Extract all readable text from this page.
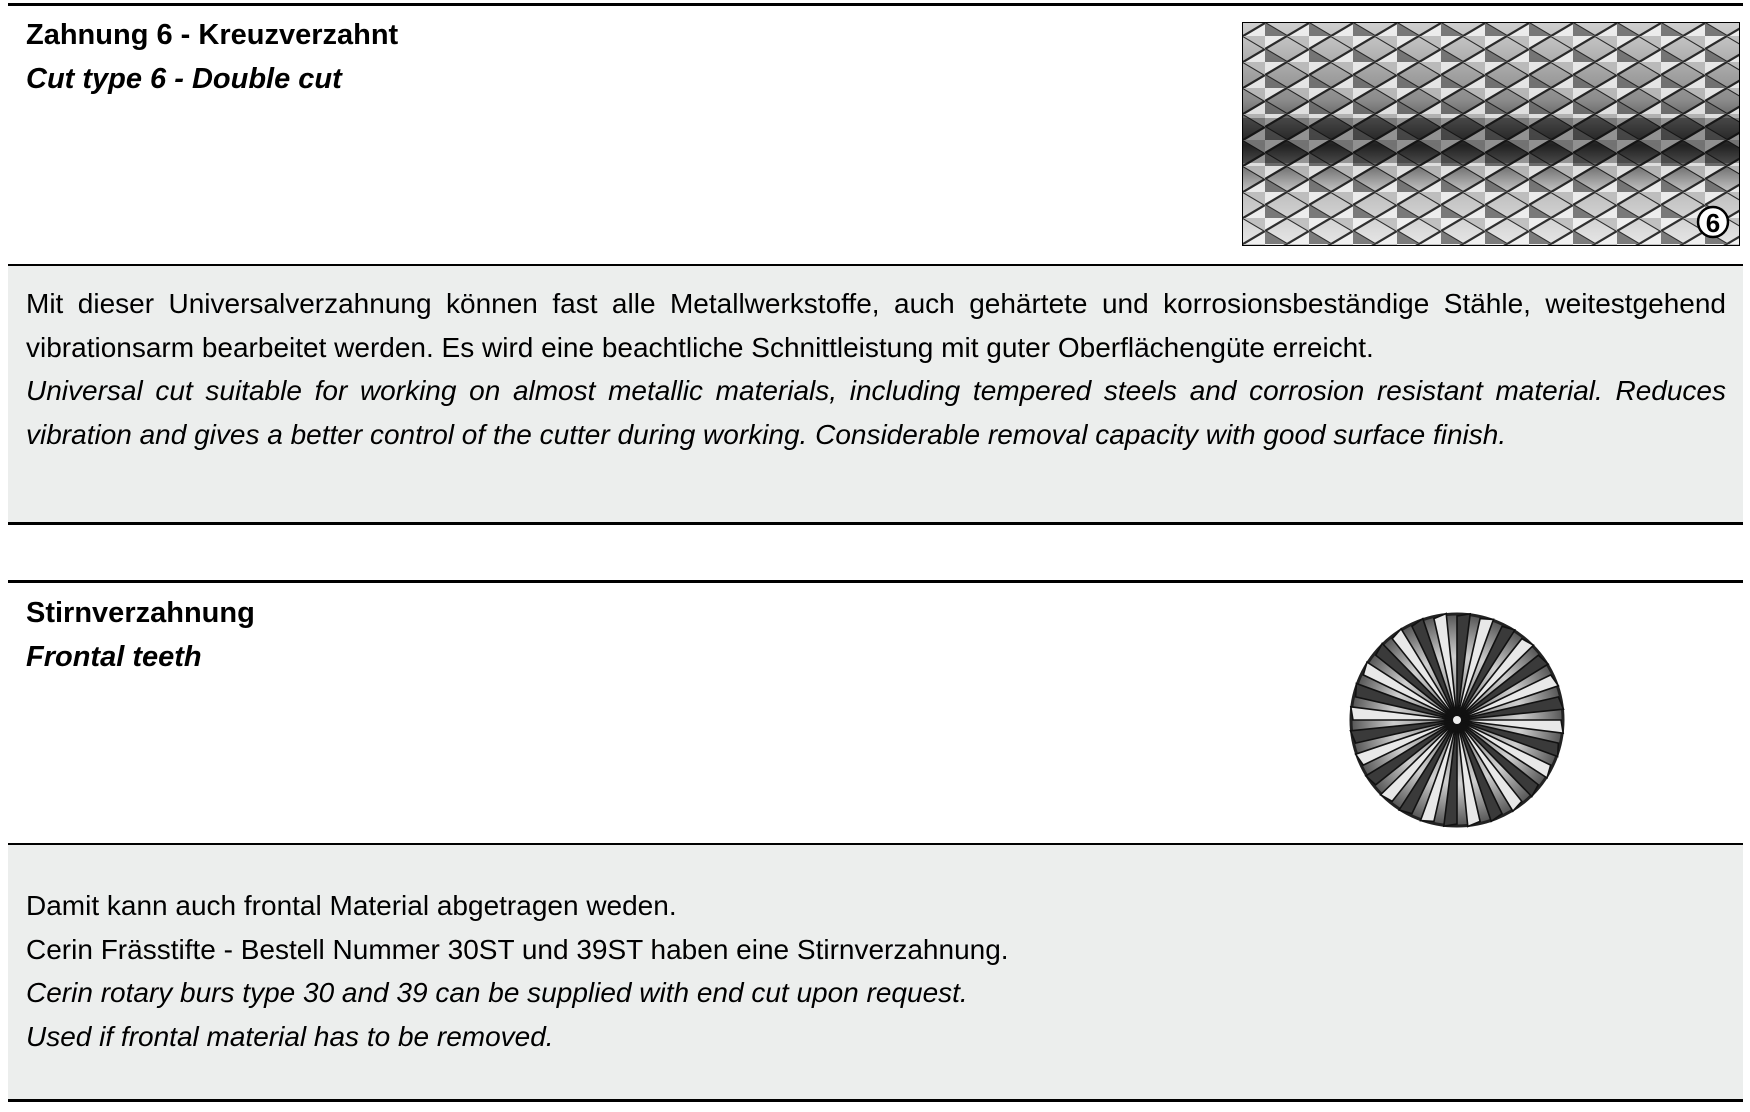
Zahnung 6 - Kreuzverzahnt
Cut type 6 - Double cut
6
Mit dieser Universalverzahnung können fast alle Metallwerkstoffe, auch gehärtete und korrosionsbeständige Stähle, weitestgehend vibrationsarm bearbeitet werden. Es wird eine beachtliche Schnittleistung mit guter Oberflächengüte erreicht.
Universal cut suitable for working on almost metallic materials, including tempered steels and corrosion resistant material. Reduces vibration and gives a better control of the cutter during working. Considerable removal capacity with good surface finish.
Stirnverzahnung
Frontal teeth
Damit kann auch frontal Material abgetragen weden.
Cerin Frässtifte - Bestell Nummer 30ST und 39ST haben eine Stirnverzahnung.
Cerin rotary burs type 30 and 39 can be supplied with end cut upon request.
Used if frontal material has to be removed.
